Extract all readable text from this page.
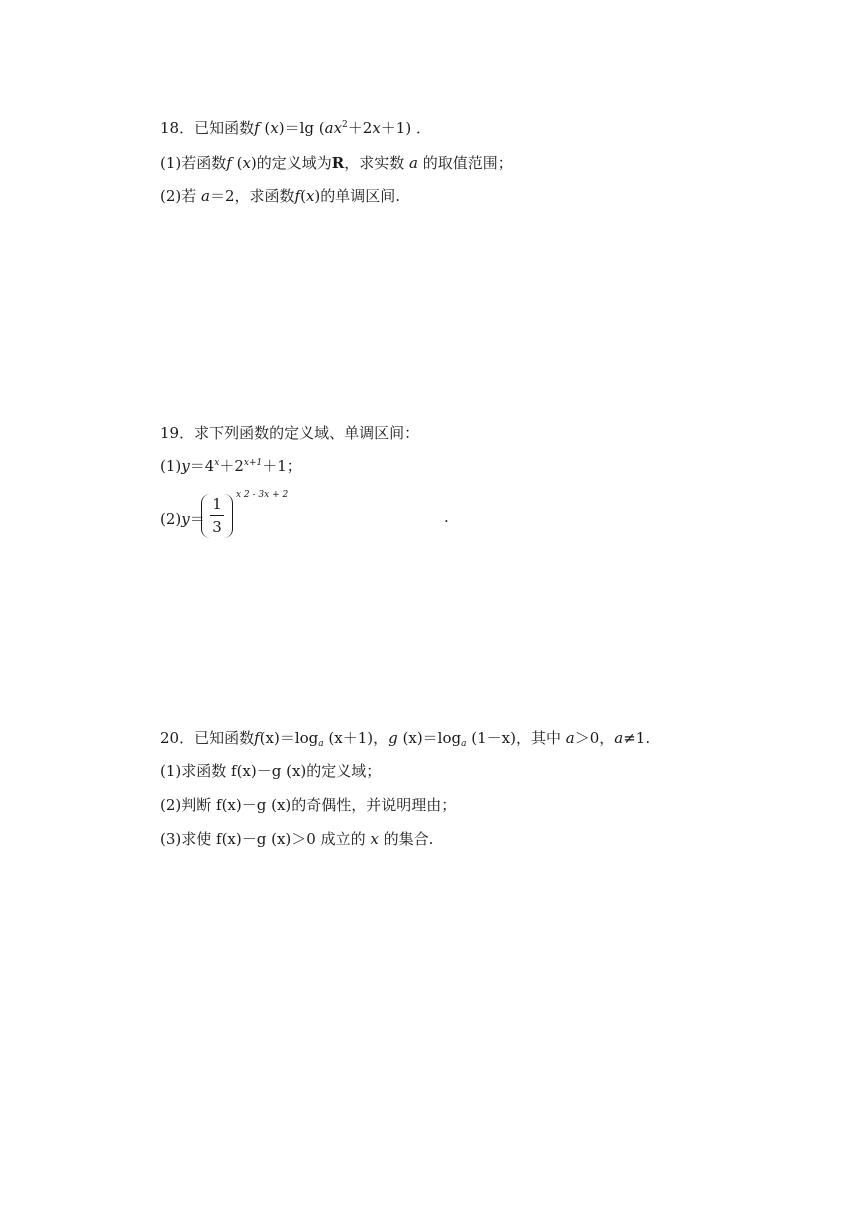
18．已知函数f (x)＝lg $(ax^2+2x+1)$ ．
(1)若函数f (x)的定义域为R，求实数 a 的取值范围；
(2)若 a＝2，求函数f(x)的单调区间.
19．求下列函数的定义域、单调区间：
$(1)y=4^x+2^{x+1}+1$；
(2)y＝
1
3
x 2 - 3x + 2
.
20．已知函数$f(x)=\log_a$ (x＋1)，g $(x)=\log_a$ (1－x)，其中 a＞0，a≠1.
(1)求函数 f(x)－g (x)的定义域；
(2)判断 f(x)－g (x)的奇偶性，并说明理由；
(3)求使 f(x)－g (x)＞0 成立的 x 的集合.
